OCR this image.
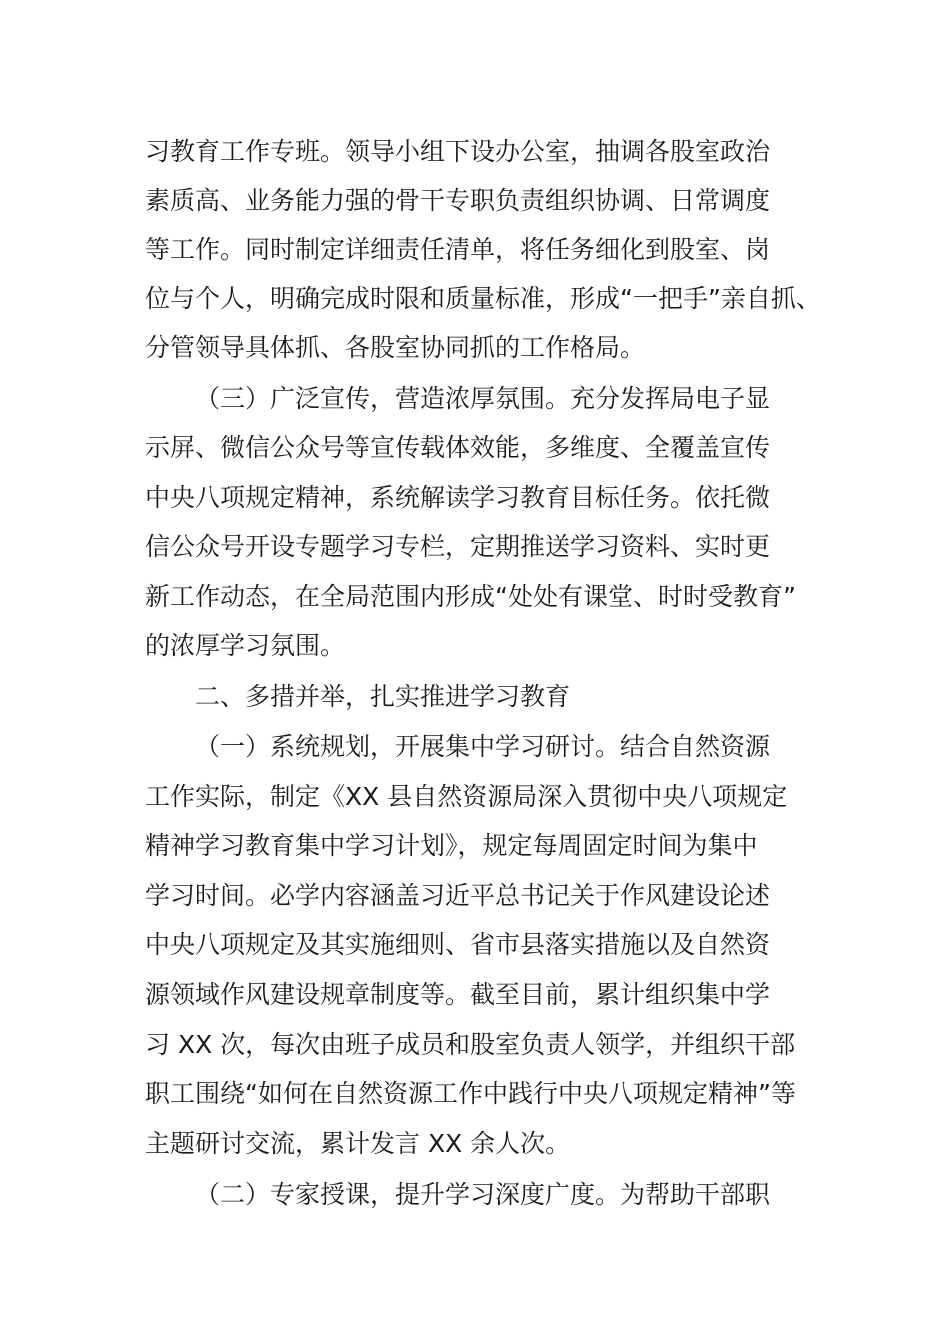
习教育工作专班。领导小组下设办公室，抽调各股室政治
素质高、业务能力强的骨干专职负责组织协调、日常调度
等工作。同时制定详细责任清单，将任务细化到股室、岗
位与个人，明确完成时限和质量标准，形成“一把手”亲自抓、
分管领导具体抓、各股室协同抓的工作格局。
（三）广泛宣传，营造浓厚氛围。充分发挥局电子显
示屏、微信公众号等宣传载体效能，多维度、全覆盖宣传
中央八项规定精神，系统解读学习教育目标任务。依托微
信公众号开设专题学习专栏，定期推送学习资料、实时更
新工作动态，在全局范围内形成“处处有课堂、时时受教育”
的浓厚学习氛围。
二、多措并举，扎实推进学习教育
（一）系统规划，开展集中学习研讨。结合自然资源
工作实际，制定《XX 县自然资源局深入贯彻中央八项规定
精神学习教育集中学习计划》，规定每周固定时间为集中
学习时间。必学内容涵盖习近平总书记关于作风建设论述
中央八项规定及其实施细则、省市县落实措施以及自然资
源领域作风建设规章制度等。截至目前，累计组织集中学
习 XX 次，每次由班子成员和股室负责人领学，并组织干部
职工围绕“如何在自然资源工作中践行中央八项规定精神”等
主题研讨交流，累计发言 XX 余人次。
（二）专家授课，提升学习深度广度。为帮助干部职
